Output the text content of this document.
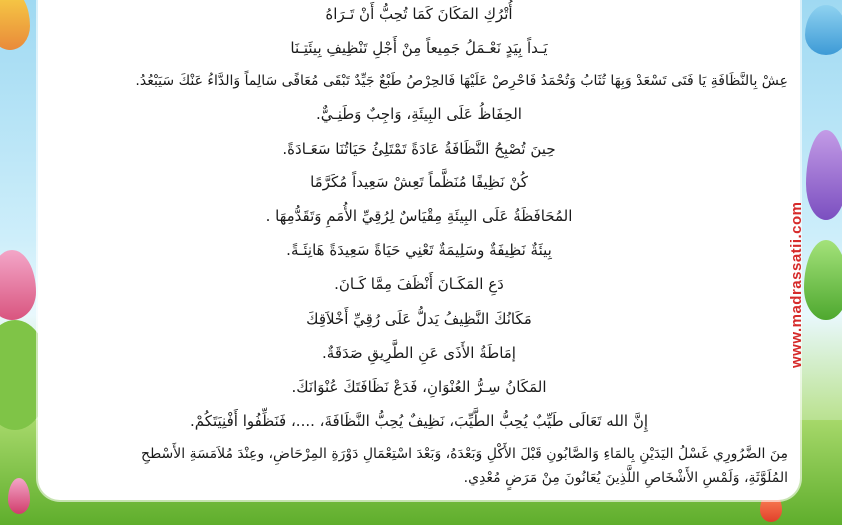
أُتْرُكِ المَكَانَ كَمَا تُحِبُّ أَنْ تَـرَاهُ
يَـداً بِيَدٍ نَعْـمَلُ جَمِيعاً مِنْ أَجْلِ تَنْظِيفِ بِيئَتِـنَا
عِشْ بِالنَّظَافَةِ يَا فَتَى تَسْعَدْ وَبِهَا تُثَابُ وَتُحْمَدُ فَاحْرِصْ عَلَيْهَا فَالحِرْصُ طَبْعٌ جَيِّدٌ تَبْقَى مُعَافًى سَالِماً وَالدَّاءُ عَنْكَ سَيَبْعُدُ.
الحِفَاظُ عَلَى البِيئَةِ، وَاجِبٌ وَطَنِـيٌّ.
حِينَ تُصْبِحُ النَّظَافَةُ عَادَةً تَمْتَلِئُ حَيَاتُنَا سَعَـادَةً.
كُنْ نَظِيفًا مُنَظَّماً تَعِشْ سَعِيداً مُكَرَّمًا
المُحَافَظَةُ عَلَى البِيئَةِ مِقْيَاسٌ لِرُقِيِّ الأُمَمِ وَتَقَدُّمِهَا .
بِيئَةٌ نَظِيفَةٌ وسَلِيمَةٌ تَعْنِي حَيَاةً سَعِيدَةً هَانِئَـةً.
دَعِ المَكَـانَ أَنْظَفَ مِمَّا كَـانَ.
مَكَانُكَ النَّظِيفُ يَدلُّ عَلَى رُقِيِّ أَخْلاَقِكَ
إمَاطَةُ الأَذَى عَنِ الطَّرِيقِ صَدَقَةٌ.
المَكَانُ سِـرُّ العُنْوَانِ، فَدَعْ نَظَافَتَكَ عُنْوَانَكَ.
إِنَّ الله تَعَالَى طَيِّبٌ يُحِبُّ الطَّيِّبَ، نَظِيفٌ يُحِبُّ النَّظَافَةَ، ....، فَنَظِّفُوا أَفْنِيَتَكُمْ.
مِنَ الضَّرُورِي غَسْلُ اليَدَيْنِ بِالمَاءِ وَالصَّابُونِ قَبْلَ الأَكْلِ وَبَعْدَهُ، وَبَعْدَ اسْتِعْمَالِ دَوْرَةِ المِرْحَاضِ، وعِنْدَ مُلاَمَسَةِ الأَسْطحِ
المُلَوَّثَةِ، وَلَمْسِ الأَشْخَاصِ اللَّذِينَ يُعَانُونَ مِنْ مَرَضٍ مُعْدِي.
www.madrassatii.com
